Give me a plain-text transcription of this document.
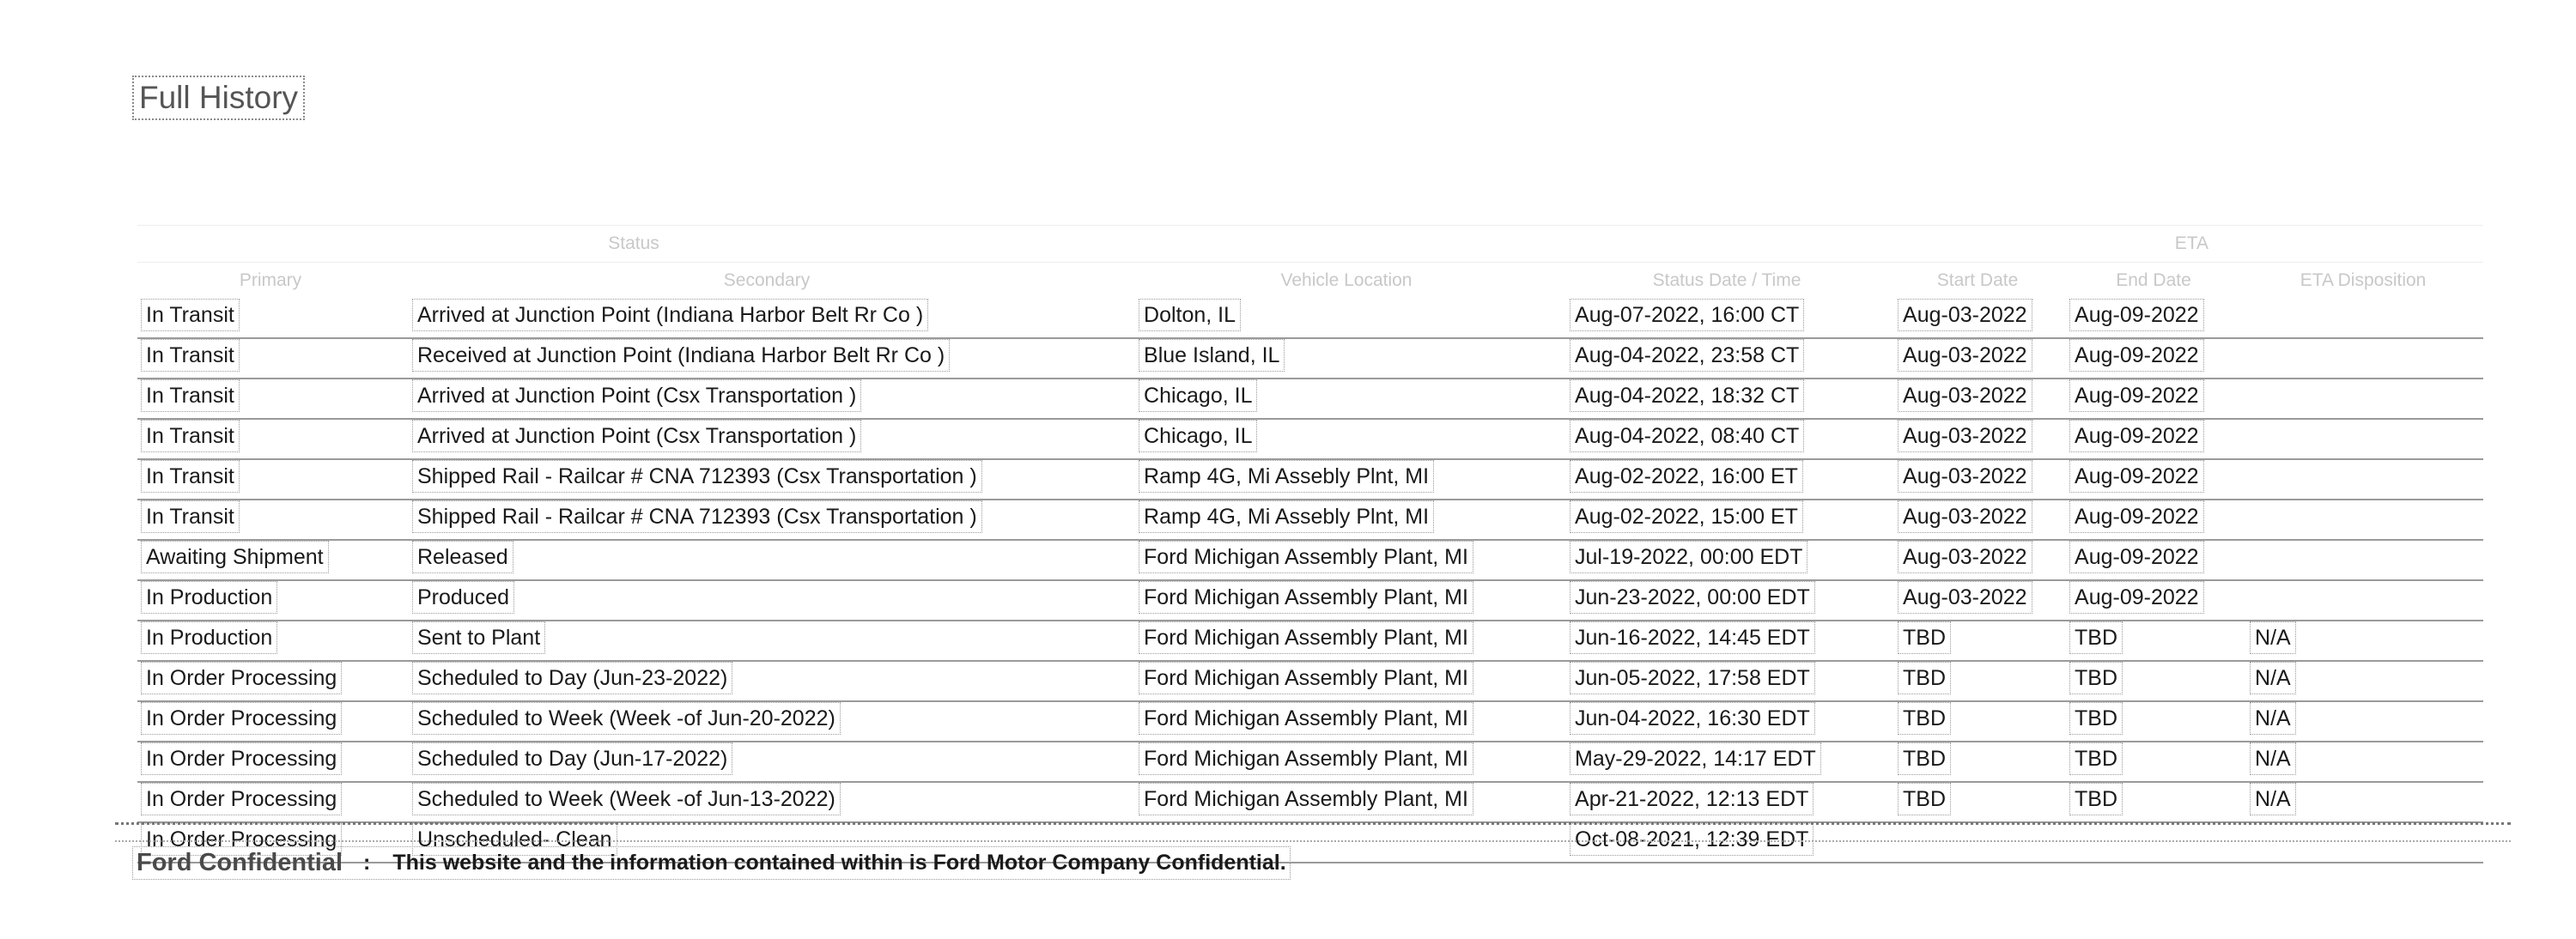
Full History
Status				ETA		
Primary	Secondary	Vehicle Location	Status Date / Time	Start Date	End Date	ETA Disposition
In Transit	Arrived at Junction Point (Indiana Harbor Belt Rr Co )	Dolton, IL	Aug-07-2022, 16:00 CT	Aug-03-2022	Aug-09-2022	
In Transit	Received at Junction Point (Indiana Harbor Belt Rr Co )	Blue Island, IL	Aug-04-2022, 23:58 CT	Aug-03-2022	Aug-09-2022	
In Transit	Arrived at Junction Point (Csx Transportation )	Chicago, IL	Aug-04-2022, 18:32 CT	Aug-03-2022	Aug-09-2022	
In Transit	Arrived at Junction Point (Csx Transportation )	Chicago, IL	Aug-04-2022, 08:40 CT	Aug-03-2022	Aug-09-2022	
In Transit	Shipped Rail - Railcar # CNA 712393 (Csx Transportation )	Ramp 4G, Mi Assebly Plnt, MI	Aug-02-2022, 16:00 ET	Aug-03-2022	Aug-09-2022	
In Transit	Shipped Rail - Railcar # CNA 712393 (Csx Transportation )	Ramp 4G, Mi Assebly Plnt, MI	Aug-02-2022, 15:00 ET	Aug-03-2022	Aug-09-2022	
Awaiting Shipment	Released	Ford Michigan Assembly Plant, MI	Jul-19-2022, 00:00 EDT	Aug-03-2022	Aug-09-2022	
In Production	Produced	Ford Michigan Assembly Plant, MI	Jun-23-2022, 00:00 EDT	Aug-03-2022	Aug-09-2022	
In Production	Sent to Plant	Ford Michigan Assembly Plant, MI	Jun-16-2022, 14:45 EDT	TBD	TBD	N/A
In Order Processing	Scheduled to Day (Jun-23-2022)	Ford Michigan Assembly Plant, MI	Jun-05-2022, 17:58 EDT	TBD	TBD	N/A
In Order Processing	Scheduled to Week (Week -of Jun-20-2022)	Ford Michigan Assembly Plant, MI	Jun-04-2022, 16:30 EDT	TBD	TBD	N/A
In Order Processing	Scheduled to Day (Jun-17-2022)	Ford Michigan Assembly Plant, MI	May-29-2022, 14:17 EDT	TBD	TBD	N/A
In Order Processing	Scheduled to Week (Week -of Jun-13-2022)	Ford Michigan Assembly Plant, MI	Apr-21-2022, 12:13 EDT	TBD	TBD	N/A
In Order Processing	Unscheduled- Clean		Oct-08-2021, 12:39 EDT			
Ford Confidential : This website and the information contained within is Ford Motor Company Confidential.
